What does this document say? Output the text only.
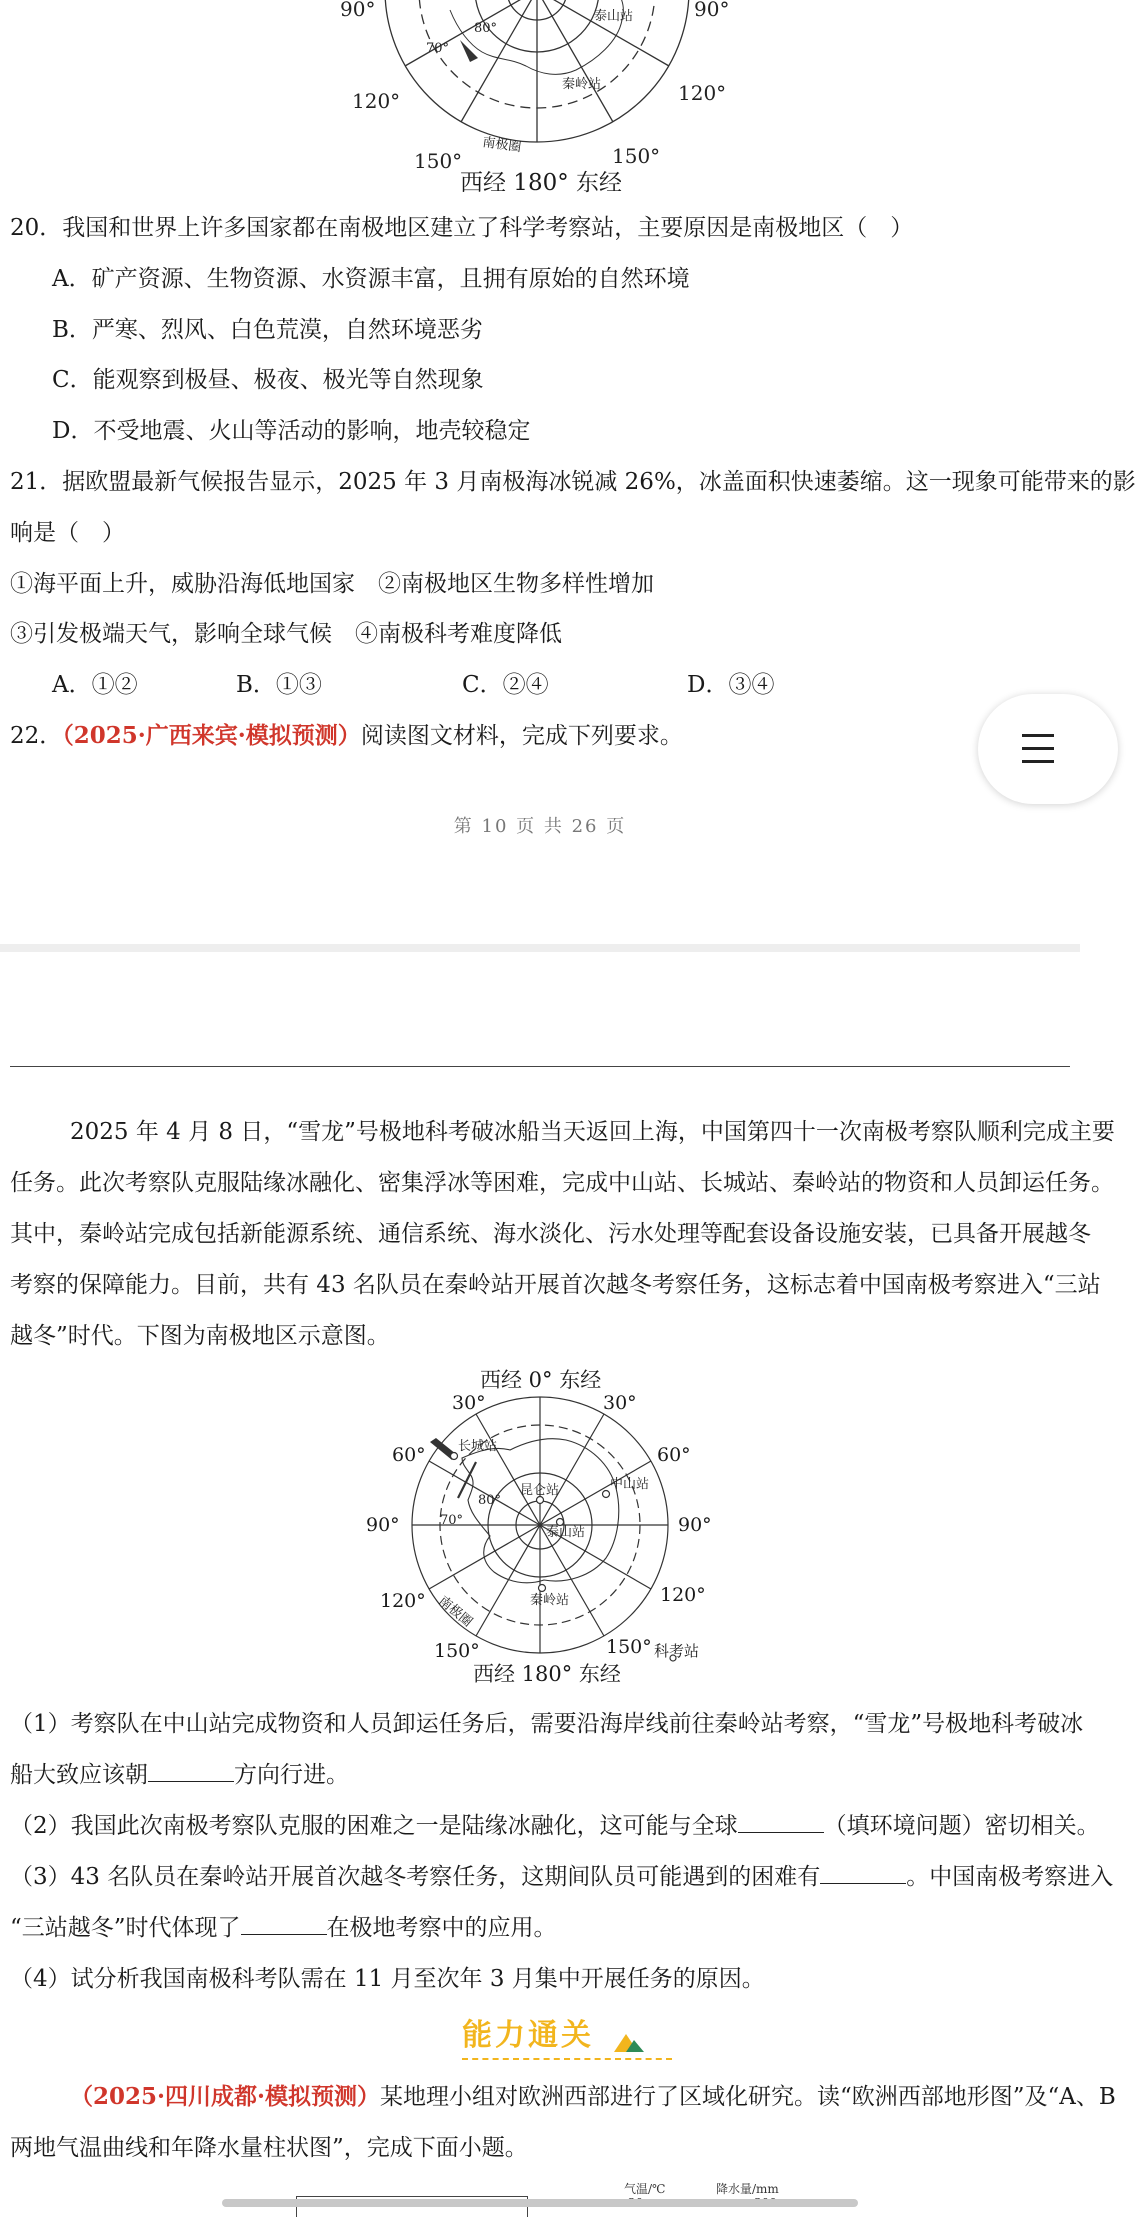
90°	90°
120°	120°
150°	150°
80°
70°
泰山站
秦岭站
南极圈
西经 180° 东经
20．我国和世界上许多国家都在南极地区建立了科学考察站，主要原因是南极地区（　）
A．矿产资源、生物资源、水资源丰富，且拥有原始的自然环境
B．严寒、烈风、白色荒漠，自然环境恶劣
C．能观察到极昼、极夜、极光等自然现象
D．不受地震、火山等活动的影响，地壳较稳定
21．据欧盟最新气候报告显示，2025 年 3 月南极海冰锐减 26%，冰盖面积快速萎缩。这一现象可能带来的影
响是（　）
①海平面上升，威胁沿海低地国家　②南极地区生物多样性增加
③引发极端天气，影响全球气候　④南极科考难度降低
A．①②	B．①③	C．②④	D．③④
22．（2025·广西来宾·模拟预测）阅读图文材料，完成下列要求。
第 10 页 共 26 页
2025 年 4 月 8 日，“雪龙”号极地科考破冰船当天返回上海，中国第四十一次南极考察队顺利完成主要
任务。此次考察队克服陆缘冰融化、密集浮冰等困难，完成中山站、长城站、秦岭站的物资和人员卸运任务。
其中，秦岭站完成包括新能源系统、通信系统、海水淡化、污水处理等配套设备设施安装，已具备开展越冬
考察的保障能力。目前，共有 43 名队员在秦岭站开展首次越冬考察任务，这标志着中国南极考察进入“三站
越冬”时代。下图为南极地区示意图。
西经 0° 东经
长城站
昆仑站	中山站
泰山站
秦岭站
80°
70°
南极圈
30°	30°
60°	60°
90°	90°
120°	120°
150°	150° 科考站
西经 180° 东经
（1）考察队在中山站完成物资和人员卸运任务后，需要沿海岸线前往秦岭站考察，“雪龙”号极地科考破冰
船大致应该朝	方向行进。
（2）我国此次南极考察队克服的困难之一是陆缘冰融化，这可能与全球	（填环境问题）密切相关。
（3）43 名队员在秦岭站开展首次越冬考察任务，这期间队员可能遇到的困难有	。中国南极考察进入
“三站越冬”时代体现了	在极地考察中的应用。
（4）试分析我国南极科考队需在 11 月至次年 3 月集中开展任务的原因。
能力通关
（2025·四川成都·模拟预测）某地理小组对欧洲西部进行了区域化研究。读“欧洲西部地形图”及“A、B
两地气温曲线和年降水量柱状图”，完成下面小题。
气温/℃	降水量/mm
